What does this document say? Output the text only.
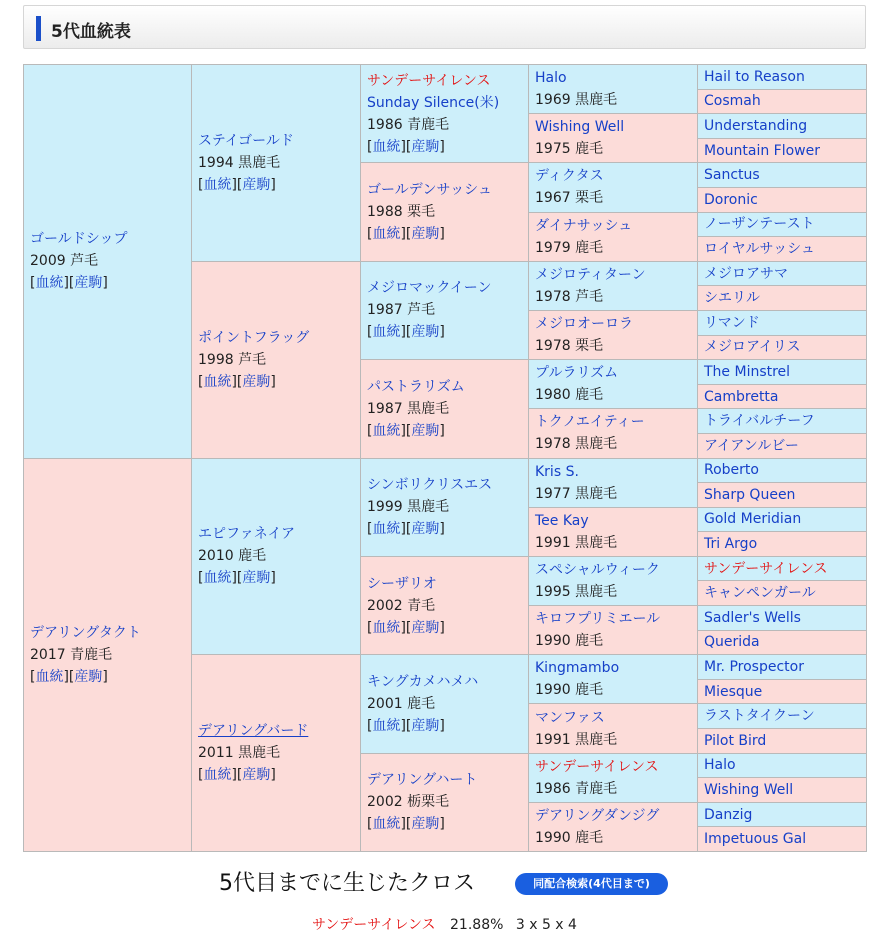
5代血統表
ゴールドシップ
2009 芦毛
[血統][産駒]	ステイゴールド
1994 黒鹿毛
[血統][産駒]	サンデーサイレンス
Sunday Silence(米)
1986 青鹿毛
[血統][産駒]	Halo
1969 黒鹿毛	Hail to Reason

				Cosmah

			Wishing Well
1975 鹿毛	Understanding

				Mountain Flower

		ゴールデンサッシュ
1988 栗毛
[血統][産駒]	ディクタス
1967 栗毛	Sanctus

				Doronic

			ダイナサッシュ
1979 鹿毛	ノーザンテースト

				ロイヤルサッシュ

	ポイントフラッグ
1998 芦毛
[血統][産駒]	メジロマックイーン
1987 芦毛
[血統][産駒]	メジロティターン
1978 芦毛	メジロアサマ

				シエリル

			メジロオーロラ
1978 栗毛	リマンド

				メジロアイリス

		パストラリズム
1987 黒鹿毛
[血統][産駒]	プルラリズム
1980 鹿毛	The Minstrel

				Cambretta

			トクノエイティー
1978 黒鹿毛	トライバルチーフ

				アイアンルビー

デアリングタクト
2017 青鹿毛
[血統][産駒]	エピファネイア
2010 鹿毛
[血統][産駒]	シンボリクリスエス
1999 黒鹿毛
[血統][産駒]	Kris S.
1977 黒鹿毛	Roberto

				Sharp Queen

			Tee Kay
1991 黒鹿毛	Gold Meridian

				Tri Argo

		シーザリオ
2002 青毛
[血統][産駒]	スペシャルウィーク
1995 黒鹿毛	サンデーサイレンス

				キャンペンガール

			キロフプリミエール
1990 鹿毛	Sadler's Wells

				Querida

	デアリングバード
2011 黒鹿毛
[血統][産駒]	キングカメハメハ
2001 鹿毛
[血統][産駒]	Kingmambo
1990 鹿毛	Mr. Prospector

				Miesque

			マンファス
1991 黒鹿毛	ラストタイクーン

				Pilot Bird

		デアリングハート
2002 栃栗毛
[血統][産駒]	サンデーサイレンス
1986 青鹿毛	Halo

				Wishing Well

			デアリングダンジグ
1990 鹿毛	Danzig

				Impetuous Gal
5代目までに生じたクロス	同配合検索(4代目まで)
サンデーサイレンス 21.88% 3 x 5 x 4
